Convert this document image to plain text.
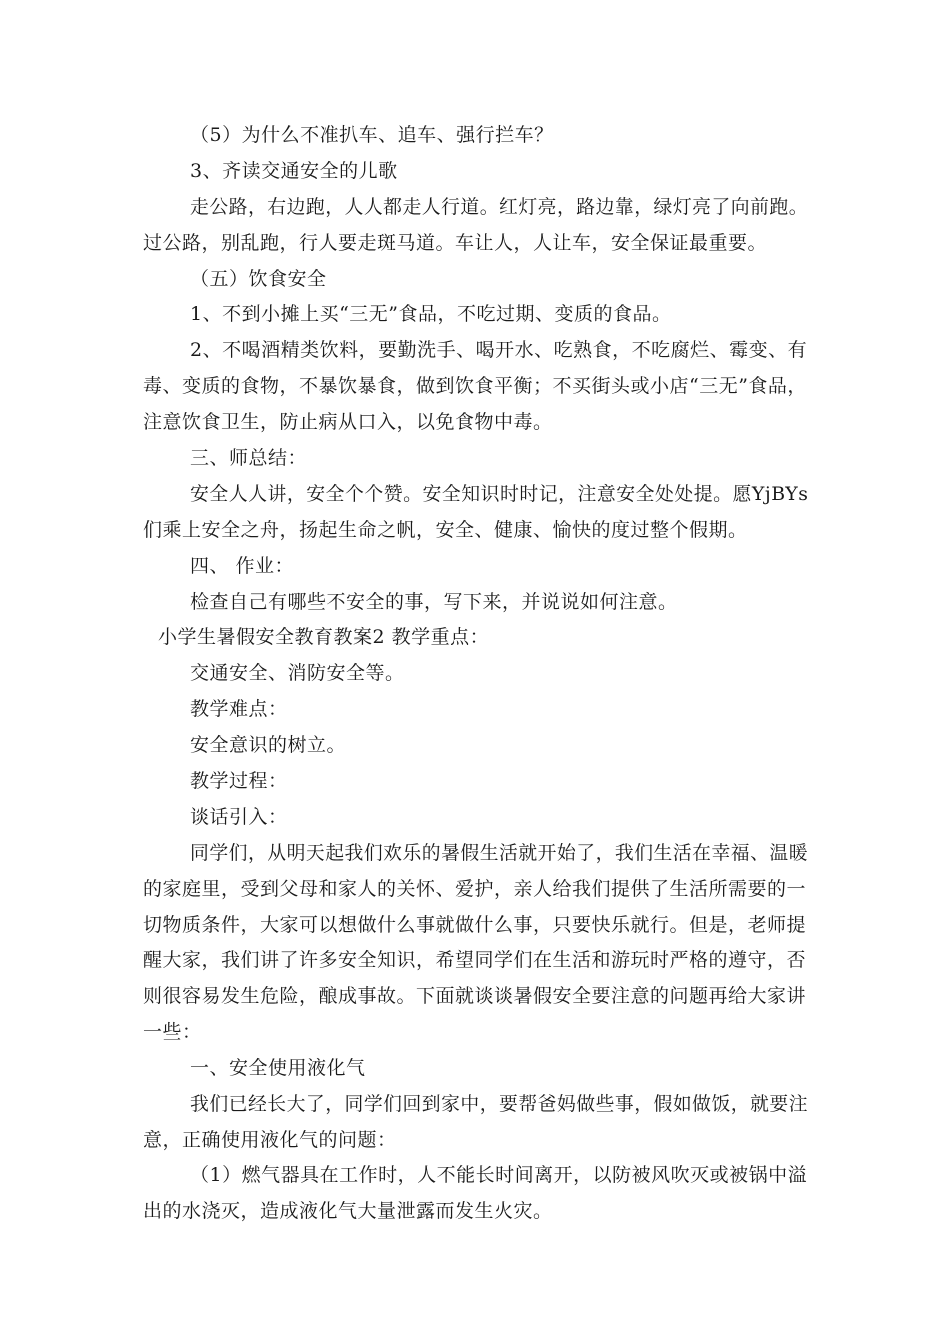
（5）为什么不准扒车、追车、强行拦车？
3、齐读交通安全的儿歌
走公路，右边跑，人人都走人行道。红灯亮，路边靠，绿灯亮了向前跑。
过公路，别乱跑，行人要走斑马道。车让人，人让车，安全保证最重要。
（五）饮食安全
1、不到小摊上买“三无”食品，不吃过期、变质的食品。
2、不喝酒精类饮料，要勤洗手、喝开水、吃熟食，不吃腐烂、霉变、有
毒、变质的食物，不暴饮暴食，做到饮食平衡；不买街头或小店“三无”食品，
注意饮食卫生，防止病从口入，以免食物中毒。
三、师总结：
安全人人讲，安全个个赞。安全知识时时记，注意安全处处提。愿YjBYs
们乘上安全之舟，扬起生命之帆，安全、健康、愉快的度过整个假期。
四、 作业：
检查自己有哪些不安全的事，写下来，并说说如何注意。
小学生暑假安全教育教案2 教学重点：
交通安全、消防安全等。
教学难点：
安全意识的树立。
教学过程：
谈话引入：
同学们，从明天起我们欢乐的暑假生活就开始了，我们生活在幸福、温暖
的家庭里，受到父母和家人的关怀、爱护，亲人给我们提供了生活所需要的一
切物质条件，大家可以想做什么事就做什么事，只要快乐就行。但是，老师提
醒大家，我们讲了许多安全知识，希望同学们在生活和游玩时严格的遵守，否
则很容易发生危险，酿成事故。下面就谈谈暑假安全要注意的问题再给大家讲
一些：
一、安全使用液化气
我们已经长大了，同学们回到家中，要帮爸妈做些事，假如做饭，就要注
意，正确使用液化气的问题：
（1）燃气器具在工作时，人不能长时间离开，以防被风吹灭或被锅中溢
出的水浇灭，造成液化气大量泄露而发生火灾。
